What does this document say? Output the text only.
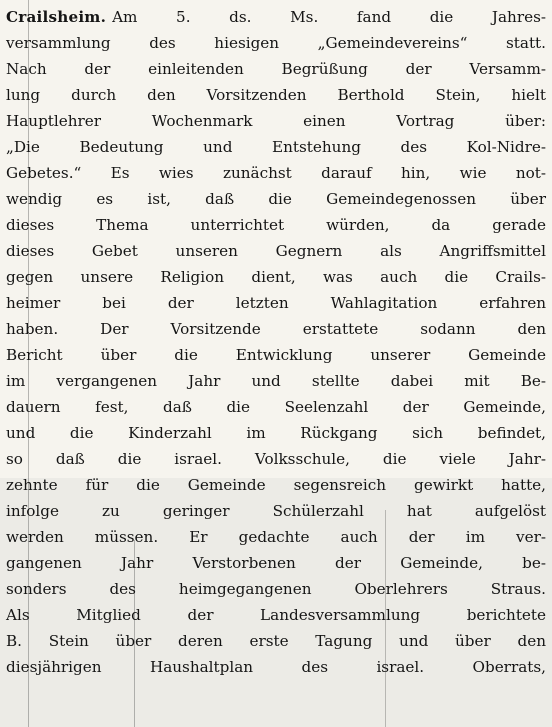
Crailsheim. Am 5. ds. Ms. fand die Jahres-
versammlung des hiesigen „Gemeindevereins“ statt.
Nach der einleitenden Begrüßung der Versamm-
lung durch den Vorsitzenden Berthold Stein, hielt
Hauptlehrer Wochenmark einen Vortrag über:
„Die Bedeutung und Entstehung des Kol-Nidre-
Gebetes.“ Es wies zunächst darauf hin, wie not-
wendig es ist, daß die Gemeindegenossen über
dieses Thema unterrichtet würden, da gerade
dieses Gebet unseren Gegnern als Angriffsmittel
gegen unsere Religion dient, was auch die Crails-
heimer bei der letzten Wahlagitation erfahren
haben. Der Vorsitzende erstattete sodann den
Bericht über die Entwicklung unserer Gemeinde
im vergangenen Jahr und stellte dabei mit Be-
dauern fest, daß die Seelenzahl der Gemeinde,
und die Kinderzahl im Rückgang sich befindet,
so daß die israel. Volksschule, die viele Jahr-
zehnte für die Gemeinde segensreich gewirkt hatte,
infolge zu geringer Schülerzahl hat aufgelöst
werden müssen. Er gedachte auch der im ver-
gangenen Jahr Verstorbenen der Gemeinde, be-
sonders des heimgegangenen Oberlehrers Straus.
Als Mitglied der Landesversammlung berichtete
B. Stein über deren erste Tagung und über den
diesjährigen Haushaltplan des israel. Oberrats,
